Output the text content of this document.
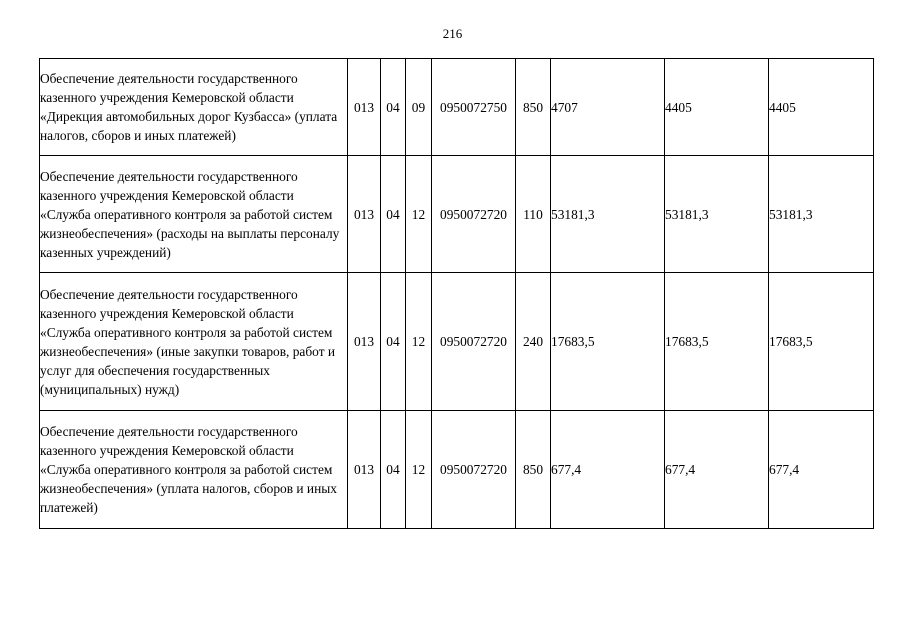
216
Обеспечение деятельности государственного казенного учреждения Кемеровской области «Дирекция автомобильных дорог Кузбасса» (уплата налогов, сборов и иных платежей)	013	04	09	0950072750	850	4707	4405	4405
Обеспечение деятельности государственного казенного учреждения Кемеровской области «Служба оперативного контроля за работой систем жизнеобеспечения» (расходы на выплаты персоналу казенных учреждений)	013	04	12	0950072720	110	53181,3	53181,3	53181,3
Обеспечение деятельности государственного казенного учреждения Кемеровской области «Служба оперативного контроля за работой систем жизнеобеспечения» (иные закупки товаров, работ и услуг для обеспечения государственных (муниципальных) нужд)	013	04	12	0950072720	240	17683,5	17683,5	17683,5
Обеспечение деятельности государственного казенного учреждения Кемеровской области «Служба оперативного контроля за работой систем жизнеобеспечения» (уплата налогов, сборов и иных платежей)	013	04	12	0950072720	850	677,4	677,4	677,4
